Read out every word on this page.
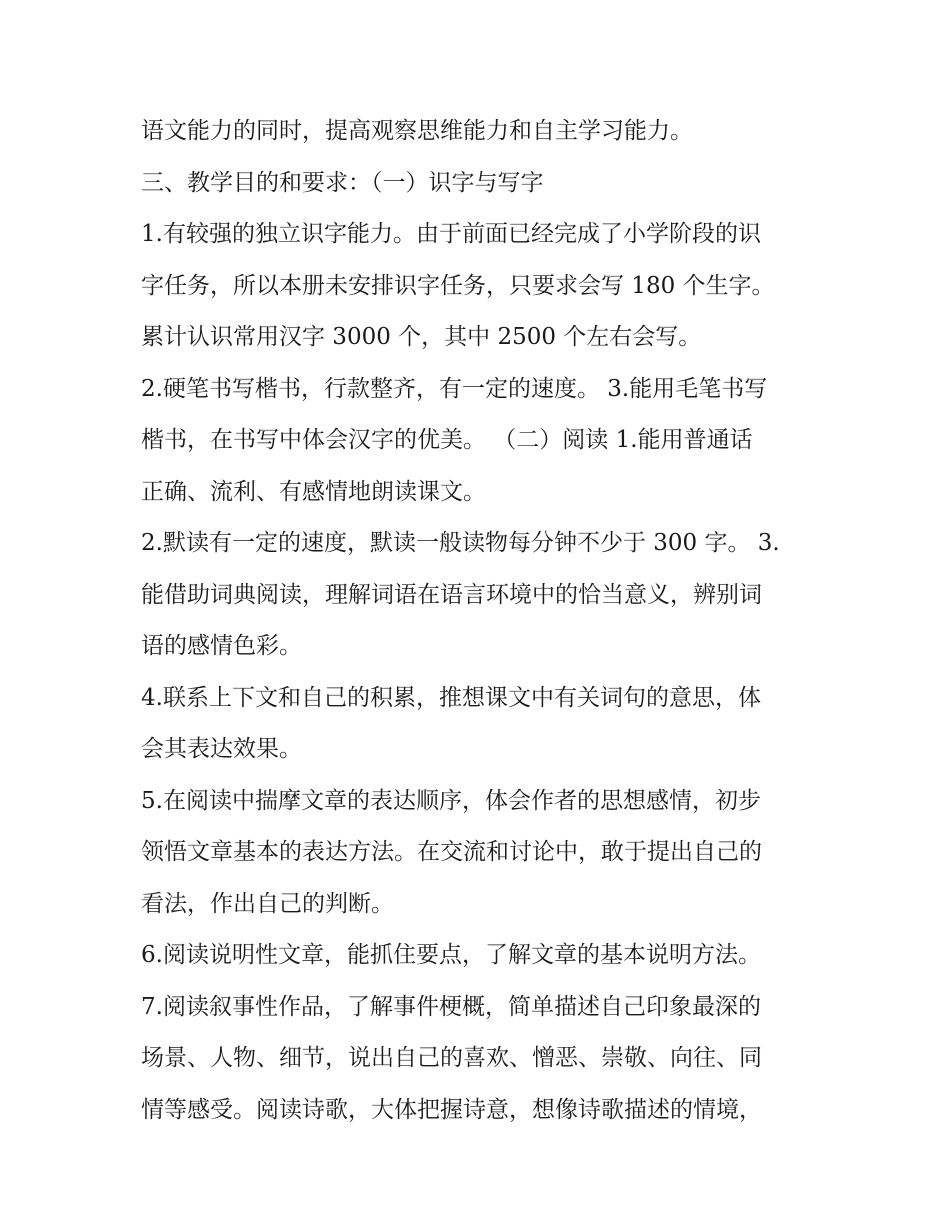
语文能力的同时，提高观察思维能力和自主学习能力。
三、教学目的和要求：（一）识字与写字
1.有较强的独立识字能力。由于前面已经完成了小学阶段的识
字任务，所以本册未安排识字任务，只要求会写 180 个生字。
累计认识常用汉字 3000 个，其中 2500 个左右会写。
2.硬笔书写楷书，行款整齐，有一定的速度。 3.能用毛笔书写
楷书，在书写中体会汉字的优美。 （二）阅读 1.能用普通话
正确、流利、有感情地朗读课文。
2.默读有一定的速度，默读一般读物每分钟不少于 300 字。 3.
能借助词典阅读，理解词语在语言环境中的恰当意义，辨别词
语的感情色彩。
4.联系上下文和自己的积累，推想课文中有关词句的意思，体
会其表达效果。
5.在阅读中揣摩文章的表达顺序，体会作者的思想感情，初步
领悟文章基本的表达方法。在交流和讨论中，敢于提出自己的
看法，作出自己的判断。
6.阅读说明性文章，能抓住要点，了解文章的基本说明方法。
7.阅读叙事性作品，了解事件梗概，简单描述自己印象最深的
场景、人物、细节，说出自己的喜欢、憎恶、崇敬、向往、同
情等感受。阅读诗歌，大体把握诗意，想像诗歌描述的情境，
